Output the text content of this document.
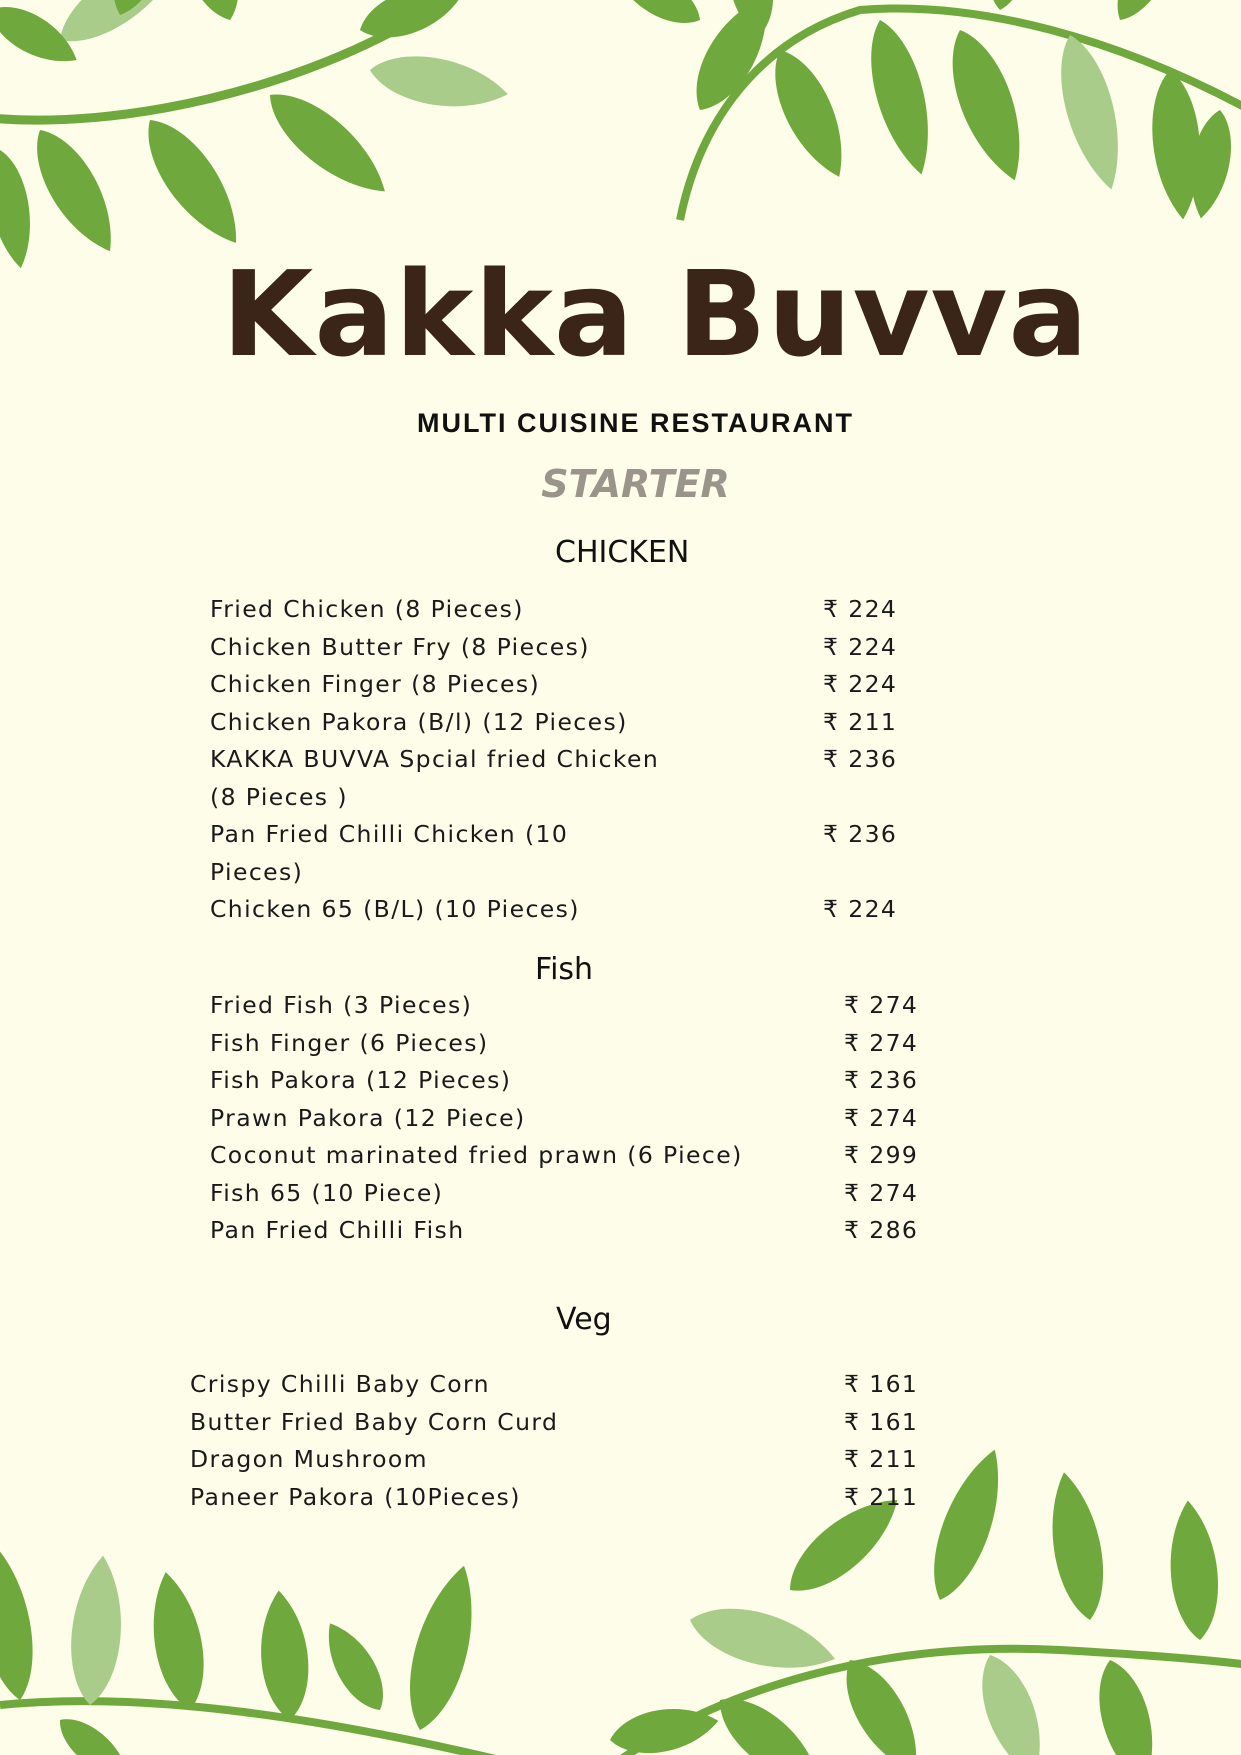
Kakka Buvva
MULTI CUISINE RESTAURANT
STARTER
CHICKEN
Fried Chicken (8 Pieces)	₹ 224
Chicken Butter Fry (8 Pieces)	₹ 224
Chicken Finger (8 Pieces)	₹ 224
Chicken Pakora (B/l) (12 Pieces)	₹ 211
KAKKA BUVVA Spcial fried Chicken
(8 Pieces )
₹ 236
Pan Fried Chilli Chicken (10
Pieces)
₹ 236
Chicken 65 (B/L) (10 Pieces)	₹ 224
Fish
Fried Fish (3 Pieces)	₹ 274
Fish Finger (6 Pieces)	₹ 274
Fish Pakora (12 Pieces)	₹ 236
Prawn Pakora (12 Piece)	₹ 274
Coconut marinated fried prawn (6 Piece)	₹ 299
Fish 65 (10 Piece)	₹ 274
Pan Fried Chilli Fish	₹ 286
Veg
Crispy Chilli Baby Corn	₹ 161
Butter Fried Baby Corn Curd	₹ 161
Dragon Mushroom	₹ 211
Paneer Pakora (10Pieces)	₹ 211
